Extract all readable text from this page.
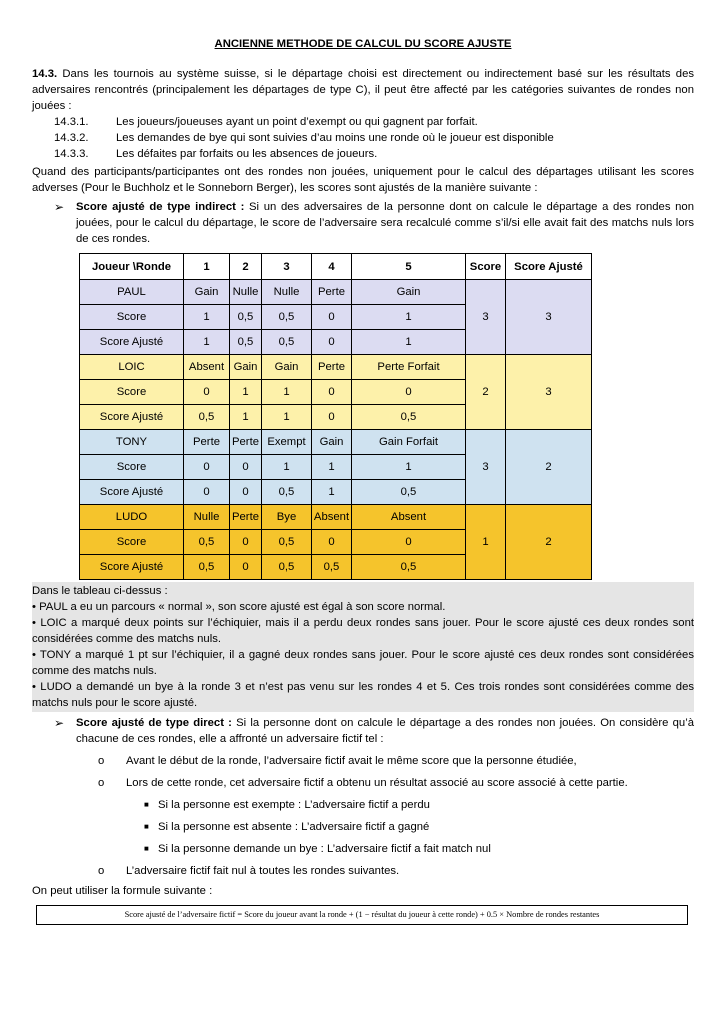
ANCIENNE METHODE DE CALCUL DU SCORE AJUSTE

14.3. Dans les tournois au système suisse, si le départage choisi est directement ou indirectement basé sur les résultats des adversaires rencontrés (principalement les départages de type C), il peut être affecté par les catégories suivantes de rondes non jouées :

14.3.1.	Les joueurs/joueuses ayant un point d’exempt ou qui gagnent par forfait.
14.3.2.	Les demandes de bye qui sont suivies d’au moins une ronde où le joueur est disponible
14.3.3.	Les défaites par forfaits ou les absences de joueurs.

Quand des participants/participantes ont des rondes non jouées, uniquement pour le calcul des départages utilisant les scores adverses (Pour le Buchholz et le Sonneborn Berger), les scores sont ajustés de la manière suivante :

➢	Score ajusté de type indirect : Si un des adversaires de la personne dont on calcule le départage a des rondes non jouées, pour le calcul du départage, le score de l’adversaire sera recalculé comme s’il/si elle avait fait des matchs nuls lors de ces rondes.
Joueur \Ronde	1	2	3	4	5	Score	Score Ajusté
PAUL	Gain	Nulle	Nulle	Perte	Gain	3	3
Score	1	0,5	0,5	0	1		
Score Ajusté	1	0,5	0,5	0	1		
LOIC	Absent	Gain	Gain	Perte	Perte Forfait	2	3
Score	0	1	1	0	0		
Score Ajusté	0,5	1	1	0	0,5		
TONY	Perte	Perte	Exempt	Gain	Gain Forfait	3	2
Score	0	0	1	1	1		
Score Ajusté	0	0	0,5	1	0,5		
LUDO	Nulle	Perte	Bye	Absent	Absent	1	2
Score	0,5	0	0,5	0	0		
Score Ajusté	0,5	0	0,5	0,5	0,5		

Dans le tableau ci-dessus :

• PAUL a eu un parcours « normal », son score ajusté est égal à son score normal.

• LOIC a marqué deux points sur l’échiquier, mais il a perdu deux rondes sans jouer. Pour le score ajusté ces deux rondes sont considérées comme des matchs nuls.

• TONY a marqué 1 pt sur l’échiquier, il a gagné deux rondes sans jouer. Pour le score ajusté ces deux rondes sont considérées comme des matchs nuls.

• LUDO a demandé un bye à la ronde 3 et n’est pas venu sur les rondes 4 et 5. Ces trois rondes sont considérées comme des matchs nuls pour le score ajusté.

➢	Score ajusté de type direct : Si la personne dont on calcule le départage a des rondes non jouées. On considère qu’à chacune de ces rondes, elle a affronté un adversaire fictif tel :
o	Avant le début de la ronde, l’adversaire fictif avait le même score que la personne étudiée,
o	Lors de cette ronde, cet adversaire fictif a obtenu un résultat associé au score associé à cette partie.
■ Si la personne est exempte : L’adversaire fictif a perdu
■ Si la personne est absente : L’adversaire fictif a gagné
■ Si la personne demande un bye : L’adversaire fictif a fait match nul
o	L’adversaire fictif fait nul à toutes les rondes suivantes.

On peut utiliser la formule suivante :

Score ajusté de l’adversaire fictif = Score du joueur avant la ronde + (1 − résultat du joueur à cette ronde) + 0.5 × Nombre de rondes restantes
